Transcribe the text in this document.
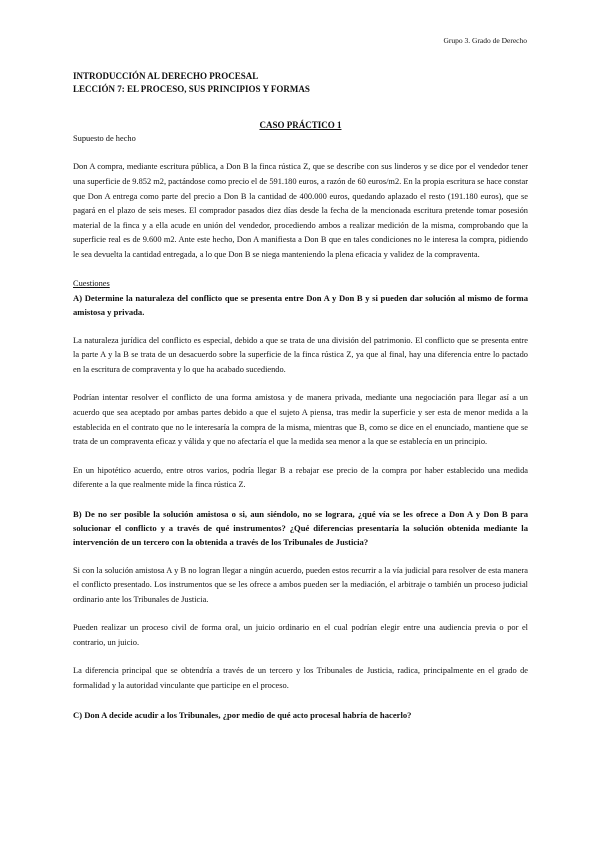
Grupo 3. Grado de Derecho

INTRODUCCIÓN AL DERECHO PROCESAL

LECCIÓN 7: EL PROCESO, SUS PRINCIPIOS Y FORMAS

CASO PRÁCTICO 1

Supuesto de hecho

Don A compra, mediante escritura pública, a Don B la finca rústica Z, que se describe con sus linderos y se dice por el vendedor tener una superficie de 9.852 m2, pactándose como precio el de 591.180 euros, a razón de 60 euros/m2. En la propia escritura se hace constar que Don A entrega como parte del precio a Don B la cantidad de 400.000 euros, quedando aplazado el resto (191.180 euros), que se pagará en el plazo de seis meses. El comprador pasados diez días desde la fecha de la mencionada escritura pretende tomar posesión material de la finca y a ella acude en unión del vendedor, procediendo ambos a realizar medición de la misma, comprobando que la superficie real es de 9.600 m2. Ante este hecho, Don A manifiesta a Don B que en tales condiciones no le interesa la compra, pidiendo le sea devuelta la cantidad entregada, a lo que Don B se niega manteniendo la plena eficacia y validez de la compraventa.

Cuestiones

A) Determine la naturaleza del conflicto que se presenta entre Don A y Don B y si pueden dar solución al mismo de forma amistosa y privada.

La naturaleza jurídica del conflicto es especial, debido a que se trata de una división del patrimonio. El conflicto que se presenta entre la parte A y la B se trata de un desacuerdo sobre la superficie de la finca rústica Z, ya que al final, hay una diferencia entre lo pactado en la escritura de compraventa y lo que ha acabado sucediendo.

Podrían intentar resolver el conflicto de una forma amistosa y de manera privada, mediante una negociación para llegar así a un acuerdo que sea aceptado por ambas partes debido a que el sujeto A piensa, tras medir la superficie y ser esta de menor medida a la establecida en el contrato que no le interesaría la compra de la misma, mientras que B, como se dice en el enunciado, mantiene que se trata de un compraventa eficaz y válida y que no afectaría el que la medida sea menor a la que se establecía en un principio.

En un hipotético acuerdo, entre otros varios, podría llegar B a rebajar ese precio de la compra por haber establecido una medida diferente a la que realmente mide la finca rústica Z.

B) De no ser posible la solución amistosa o si, aun siéndolo, no se lograra, ¿qué vía se les ofrece a Don A y Don B para solucionar el conflicto y a través de qué instrumentos? ¿Qué diferencias presentaría la solución obtenida mediante la intervención de un tercero con la obtenida a través de los Tribunales de Justicia?

Si con la solución amistosa A y B no logran llegar a ningún acuerdo, pueden estos recurrir a la vía judicial para resolver de esta manera el conflicto presentado. Los instrumentos que se les ofrece a ambos pueden ser la mediación, el arbitraje o también un proceso judicial ordinario ante los Tribunales de Justicia.

Pueden realizar un proceso civil de forma oral, un juicio ordinario en el cual podrían elegir entre una audiencia previa o por el contrario, un juicio.

La diferencia principal que se obtendría a través de un tercero y los Tribunales de Justicia, radica, principalmente en el grado de formalidad y la autoridad vinculante que participe en el proceso.

C) Don A decide acudir a los Tribunales, ¿por medio de qué acto procesal habría de hacerlo?
